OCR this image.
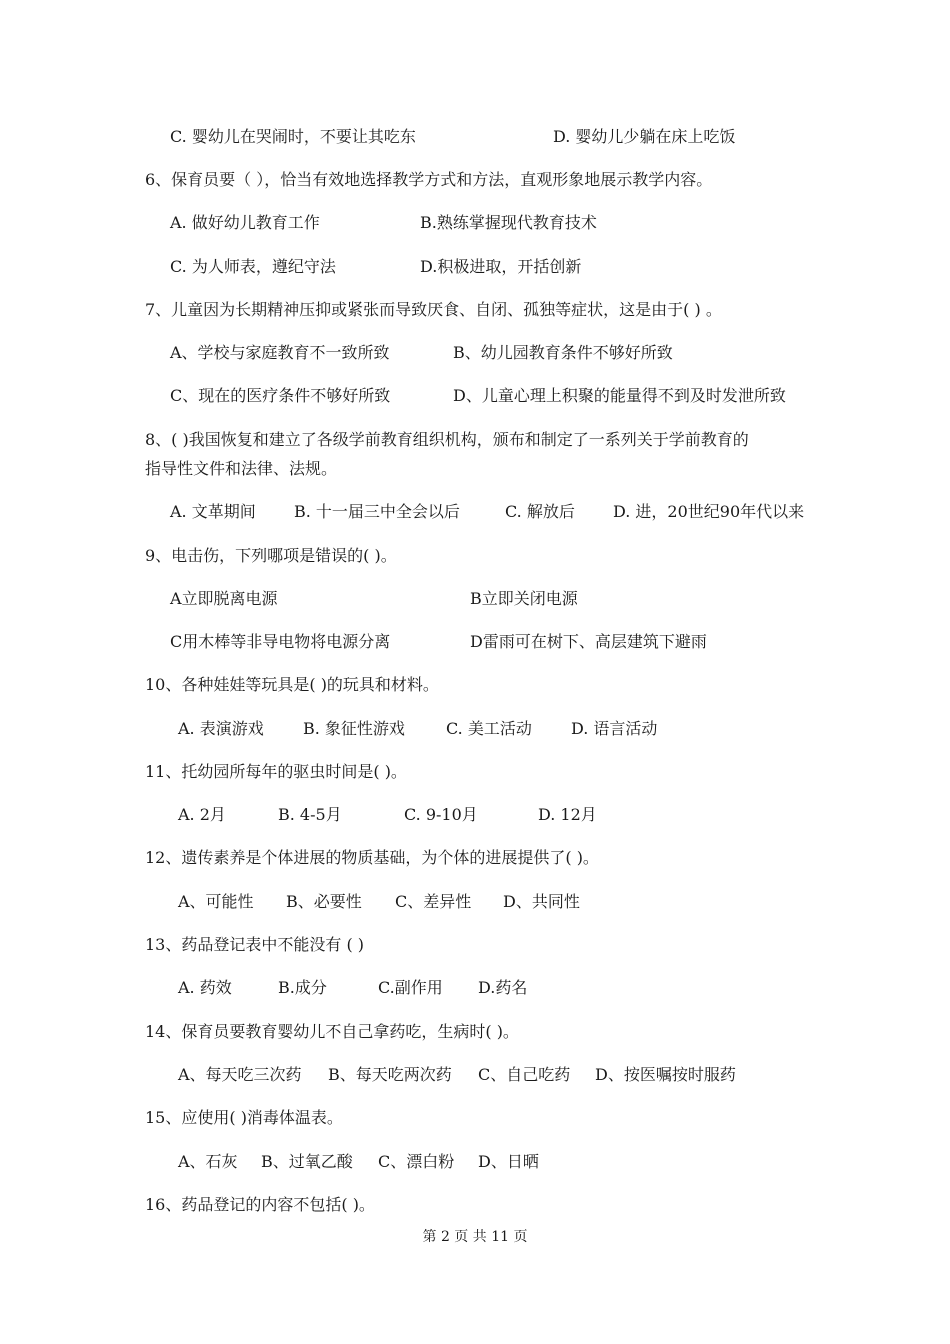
C. 婴幼儿在哭闹时，不要让其吃东	D. 婴幼儿少躺在床上吃饭
6、保育员要（ ），恰当有效地选择教学方式和方法，直观形象地展示教学内容。
A. 做好幼儿教育工作	B.熟练掌握现代教育技术
C. 为人师表，遵纪守法	D.积极进取，开括创新
7、儿童因为长期精神压抑或紧张而导致厌食、自闭、孤独等症状，这是由于( ) 。
A、学校与家庭教育不一致所致	B、幼儿园教育条件不够好所致
C、现在的医疗条件不够好所致	D、儿童心理上积聚的能量得不到及时发泄所致
8、( )我国恢复和建立了各级学前教育组织机构，颁布和制定了一系列关于学前教育的
指导性文件和法律、法规。
A. 文革期间 B. 十一届三中全会以后	C. 解放后 D. 进，20世纪90年代以来
9、电击伤，下列哪项是错误的( )。
A立即脱离电源	B立即关闭电源
C用木棒等非导电物将电源分离	D雷雨可在树下、高层建筑下避雨
10、各种娃娃等玩具是( )的玩具和材料。
A. 表演游戏 B. 象征性游戏	C. 美工活动 D. 语言活动
11、托幼园所每年的驱虫时间是( )。
A. 2月	B. 4-5月	C. 9-10月	D. 12月
12、遗传素养是个体进展的物质基础，为个体的进展提供了( )。
A、可能性 B、必要性 C、差异性 D、共同性
13、药品登记表中不能没有 ( )
A. 药效	B.成分	C.副作用 D.药名
14、保育员要教育婴幼儿不自己拿药吃，生病时( )。
A、每天吃三次药 B、每天吃两次药 C、自己吃药 D、按医嘱按时服药
15、应使用( )消毒体温表。
A、石灰 B、过氧乙酸 C、漂白粉 D、日晒
16、药品登记的内容不包括( )。
第 2 页 共 11 页
